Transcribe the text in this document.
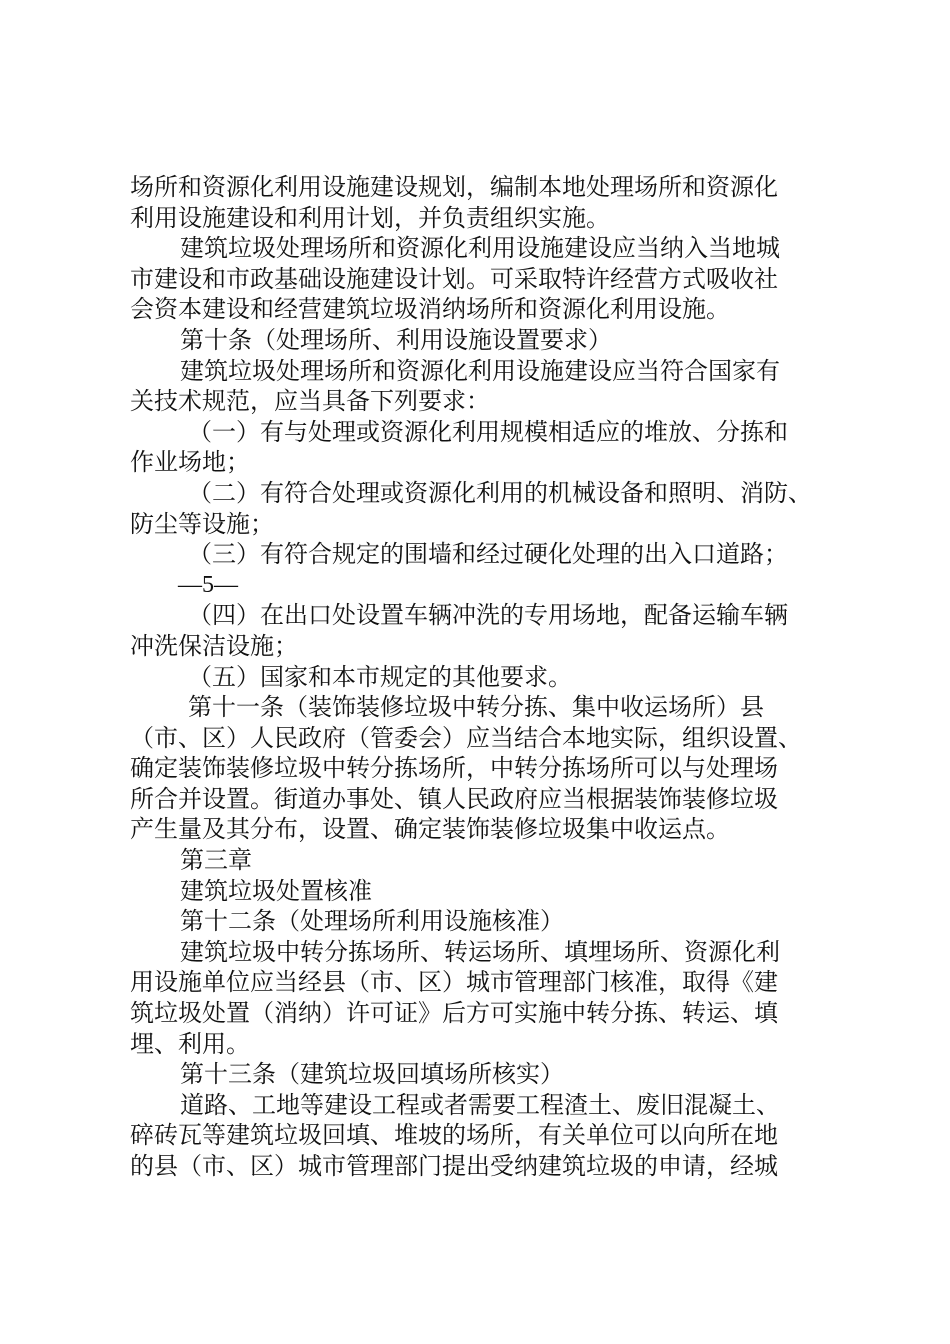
场所和资源化利用设施建设规划，编制本地处理场所和资源化
利用设施建设和利用计划，并负责组织实施。
建筑垃圾处理场所和资源化利用设施建设应当纳入当地城
市建设和市政基础设施建设计划。可采取特许经营方式吸收社
会资本建设和经营建筑垃圾消纳场所和资源化利用设施。
第十条（处理场所、利用设施设置要求）
建筑垃圾处理场所和资源化利用设施建设应当符合国家有
关技术规范，应当具备下列要求：
（一）有与处理或资源化利用规模相适应的堆放、分拣和
作业场地；
（二）有符合处理或资源化利用的机械设备和照明、消防、
防尘等设施；
（三）有符合规定的围墙和经过硬化处理的出入口道路；
—5—
（四）在出口处设置车辆冲洗的专用场地，配备运输车辆
冲洗保洁设施；
（五）国家和本市规定的其他要求。
第十一条（装饰装修垃圾中转分拣、集中收运场所）县
（市、区）人民政府（管委会）应当结合本地实际，组织设置、
确定装饰装修垃圾中转分拣场所，中转分拣场所可以与处理场
所合并设置。街道办事处、镇人民政府应当根据装饰装修垃圾
产生量及其分布，设置、确定装饰装修垃圾集中收运点。
第三章
建筑垃圾处置核准
第十二条（处理场所利用设施核准）
建筑垃圾中转分拣场所、转运场所、填埋场所、资源化利
用设施单位应当经县（市、区）城市管理部门核准，取得《建
筑垃圾处置（消纳）许可证》后方可实施中转分拣、转运、填
埋、利用。
第十三条（建筑垃圾回填场所核实）
道路、工地等建设工程或者需要工程渣土、废旧混凝土、
碎砖瓦等建筑垃圾回填、堆坡的场所，有关单位可以向所在地
的县（市、区）城市管理部门提出受纳建筑垃圾的申请，经城
